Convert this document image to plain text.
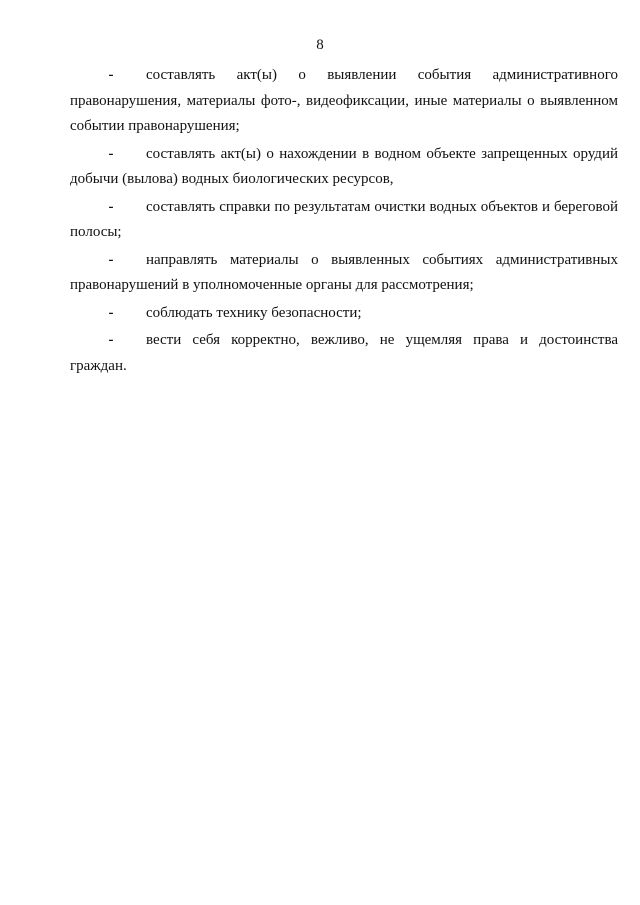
8

- составлять акт(ы) о выявлении события административного правонарушения, материалы фото-, видеофиксации, иные материалы о выявленном событии правонарушения;

- составлять акт(ы) о нахождении в водном объекте запрещенных орудий добычи (вылова) водных биологических ресурсов,

- составлять справки по результатам очистки водных объектов и береговой полосы;

- направлять материалы о выявленных событиях административных правонарушений в уполномоченные органы для рассмотрения;

- соблюдать технику безопасности;

- вести себя корректно, вежливо, не ущемляя права и достоинства граждан.
